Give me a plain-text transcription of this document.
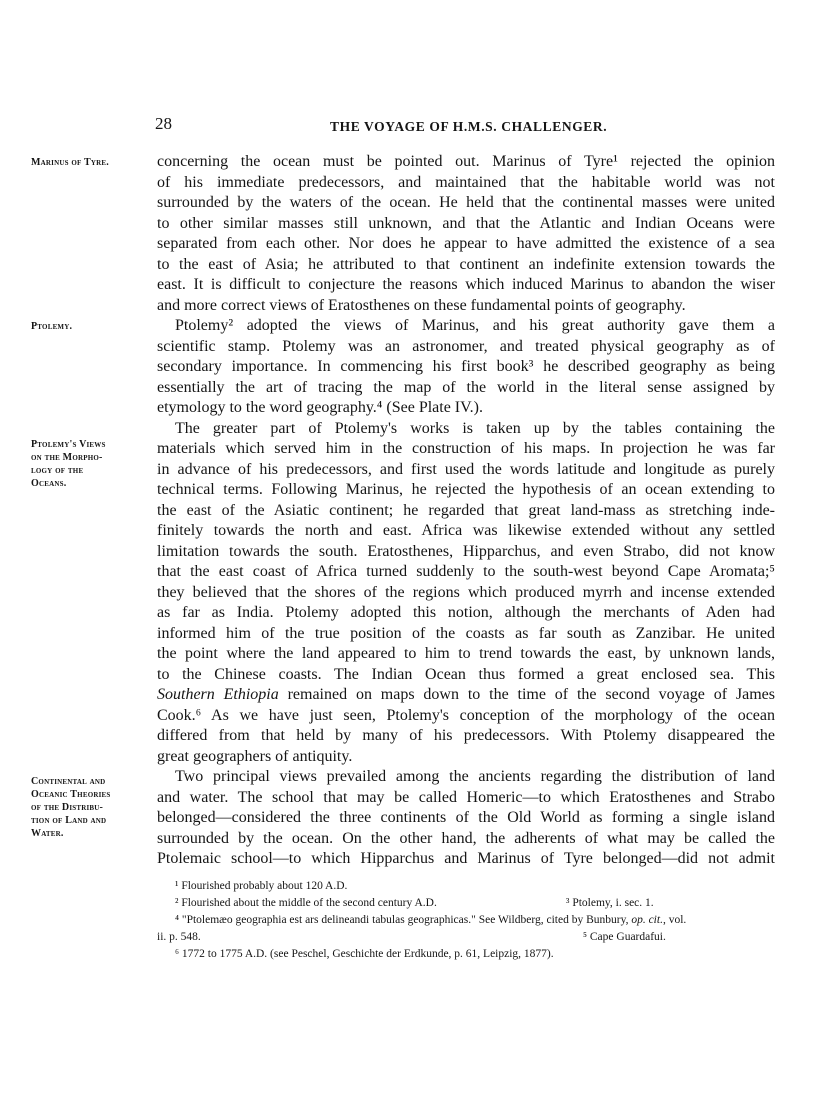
28	THE VOYAGE OF H.M.S. CHALLENGER.
Marinus of Tyre.
Ptolemy.
Ptolemy's Views
on the Morpho-
logy of the
Oceans.
Continental and
Oceanic Theories
of the Distribu-
tion of Land and
Water.
concerning the ocean must be pointed out. Marinus of Tyre¹ rejected the opinion
of his immediate predecessors, and maintained that the habitable world was not
surrounded by the waters of the ocean. He held that the continental masses were united
to other similar masses still unknown, and that the Atlantic and Indian Oceans were
separated from each other. Nor does he appear to have admitted the existence of a sea
to the east of Asia; he attributed to that continent an indefinite extension towards the
east. It is difficult to conjecture the reasons which induced Marinus to abandon the wiser
and more correct views of Eratosthenes on these fundamental points of geography.
Ptolemy² adopted the views of Marinus, and his great authority gave them a
scientific stamp. Ptolemy was an astronomer, and treated physical geography as of
secondary importance. In commencing his first book³ he described geography as being
essentially the art of tracing the map of the world in the literal sense assigned by
etymology to the word geography.⁴ (See Plate IV.).
The greater part of Ptolemy's works is taken up by the tables containing the
materials which served him in the construction of his maps. In projection he was far
in advance of his predecessors, and first used the words latitude and longitude as purely
technical terms. Following Marinus, he rejected the hypothesis of an ocean extending to
the east of the Asiatic continent; he regarded that great land-mass as stretching inde-
finitely towards the north and east. Africa was likewise extended without any settled
limitation towards the south. Eratosthenes, Hipparchus, and even Strabo, did not know
that the east coast of Africa turned suddenly to the south-west beyond Cape Aromata;⁵
they believed that the shores of the regions which produced myrrh and incense extended
as far as India. Ptolemy adopted this notion, although the merchants of Aden had
informed him of the true position of the coasts as far south as Zanzibar. He united
the point where the land appeared to him to trend towards the east, by unknown lands,
to the Chinese coasts. The Indian Ocean thus formed a great enclosed sea. This
Southern Ethiopia remained on maps down to the time of the second voyage of James
Cook.⁶ As we have just seen, Ptolemy's conception of the morphology of the ocean
differed from that held by many of his predecessors. With Ptolemy disappeared the
great geographers of antiquity.
Two principal views prevailed among the ancients regarding the distribution of land
and water. The school that may be called Homeric—to which Eratosthenes and Strabo
belonged—considered the three continents of the Old World as forming a single island
surrounded by the ocean. On the other hand, the adherents of what may be called the
Ptolemaic school—to which Hipparchus and Marinus of Tyre belonged—did not admit
¹ Flourished probably about 120 A.D.
² Flourished about the middle of the second century A.D.	³ Ptolemy, i. sec. 1.
⁴ "Ptolemæo geographia est ars delineandi tabulas geographicas." See Wildberg, cited by Bunbury, op. cit., vol.
ii. p. 548.	⁵ Cape Guardafui.
⁶ 1772 to 1775 A.D. (see Peschel, Geschichte der Erdkunde, p. 61, Leipzig, 1877).
